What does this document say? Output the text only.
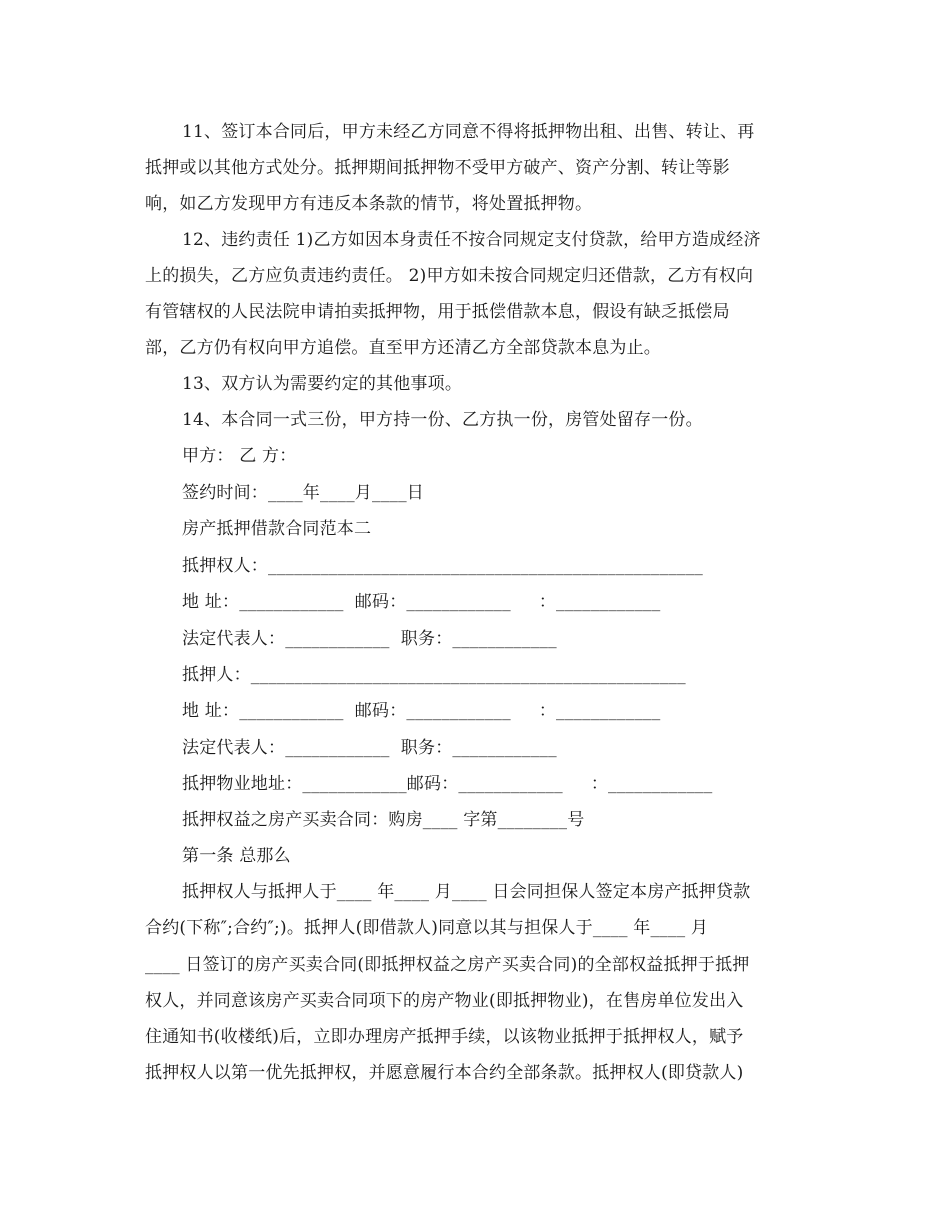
11、签订本合同后，甲方未经乙方同意不得将抵押物出租、出售、转让、再
抵押或以其他方式处分。抵押期间抵押物不受甲方破产、资产分割、转让等影
响，如乙方发现甲方有违反本条款的情节，将处置抵押物。
12、违约责任 1)乙方如因本身责任不按合同规定支付贷款，给甲方造成经济
上的损失，乙方应负责违约责任。 2)甲方如未按合同规定归还借款，乙方有权向
有管辖权的人民法院申请拍卖抵押物，用于抵偿借款本息，假设有缺乏抵偿局
部，乙方仍有权向甲方追偿。直至甲方还清乙方全部贷款本息为止。
13、双方认为需要约定的其他事项。
14、本合同一式三份，甲方持一份、乙方执一份，房管处留存一份。
甲方： 乙 方：
签约时间：____年____月____日
房产抵押借款合同范本二
抵押权人：__________________________________________________
地 址：____________  邮码：____________     ：____________
法定代表人：____________  职务：____________
抵押人：__________________________________________________
地 址：____________  邮码：____________     ：____________
法定代表人：____________  职务：____________
抵押物业地址：____________邮码：____________     ：____________
抵押权益之房产买卖合同：购房____ 字第________号
第一条 总那么
抵押权人与抵押人于____ 年____ 月____ 日会同担保人签定本房产抵押贷款
合约(下称″;合约″;)。抵押人(即借款人)同意以其与担保人于____ 年____ 月
____ 日签订的房产买卖合同(即抵押权益之房产买卖合同)的全部权益抵押于抵押
权人，并同意该房产买卖合同项下的房产物业(即抵押物业)，在售房单位发出入
住通知书(收楼纸)后，立即办理房产抵押手续，以该物业抵押于抵押权人，赋予
抵押权人以第一优先抵押权，并愿意履行本合约全部条款。抵押权人(即贷款人)
